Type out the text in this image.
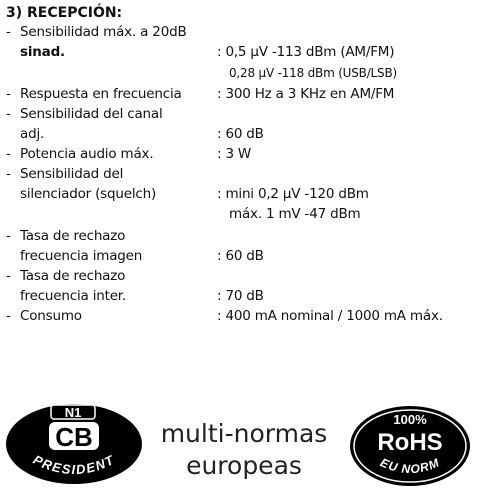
3) RECEPCIÓN:
- Sensibilidad máx. a 20dB
sinad.	: 0,5 μV -113 dBm (AM/FM)
0,28 μV -118 dBm (USB/LSB)
- Respuesta en frecuencia	: 300 Hz a 3 KHz en AM/FM
- Sensibilidad del canal
adj.	: 60 dB
- Potencia audio máx.	: 3 W
- Sensibilidad del
silenciador (squelch)	: mini 0,2 μV -120 dBm
máx. 1 mV -47 dBm
- Tasa de rechazo
frecuencia imagen	: 60 dB
- Tasa de rechazo
frecuencia inter.	: 70 dB
- Consumo	: 400 mA nominal / 1000 mA máx.
N1
CB
PRESIDENT
multi-normas
europeas
100%
RoHS
EU NORM
